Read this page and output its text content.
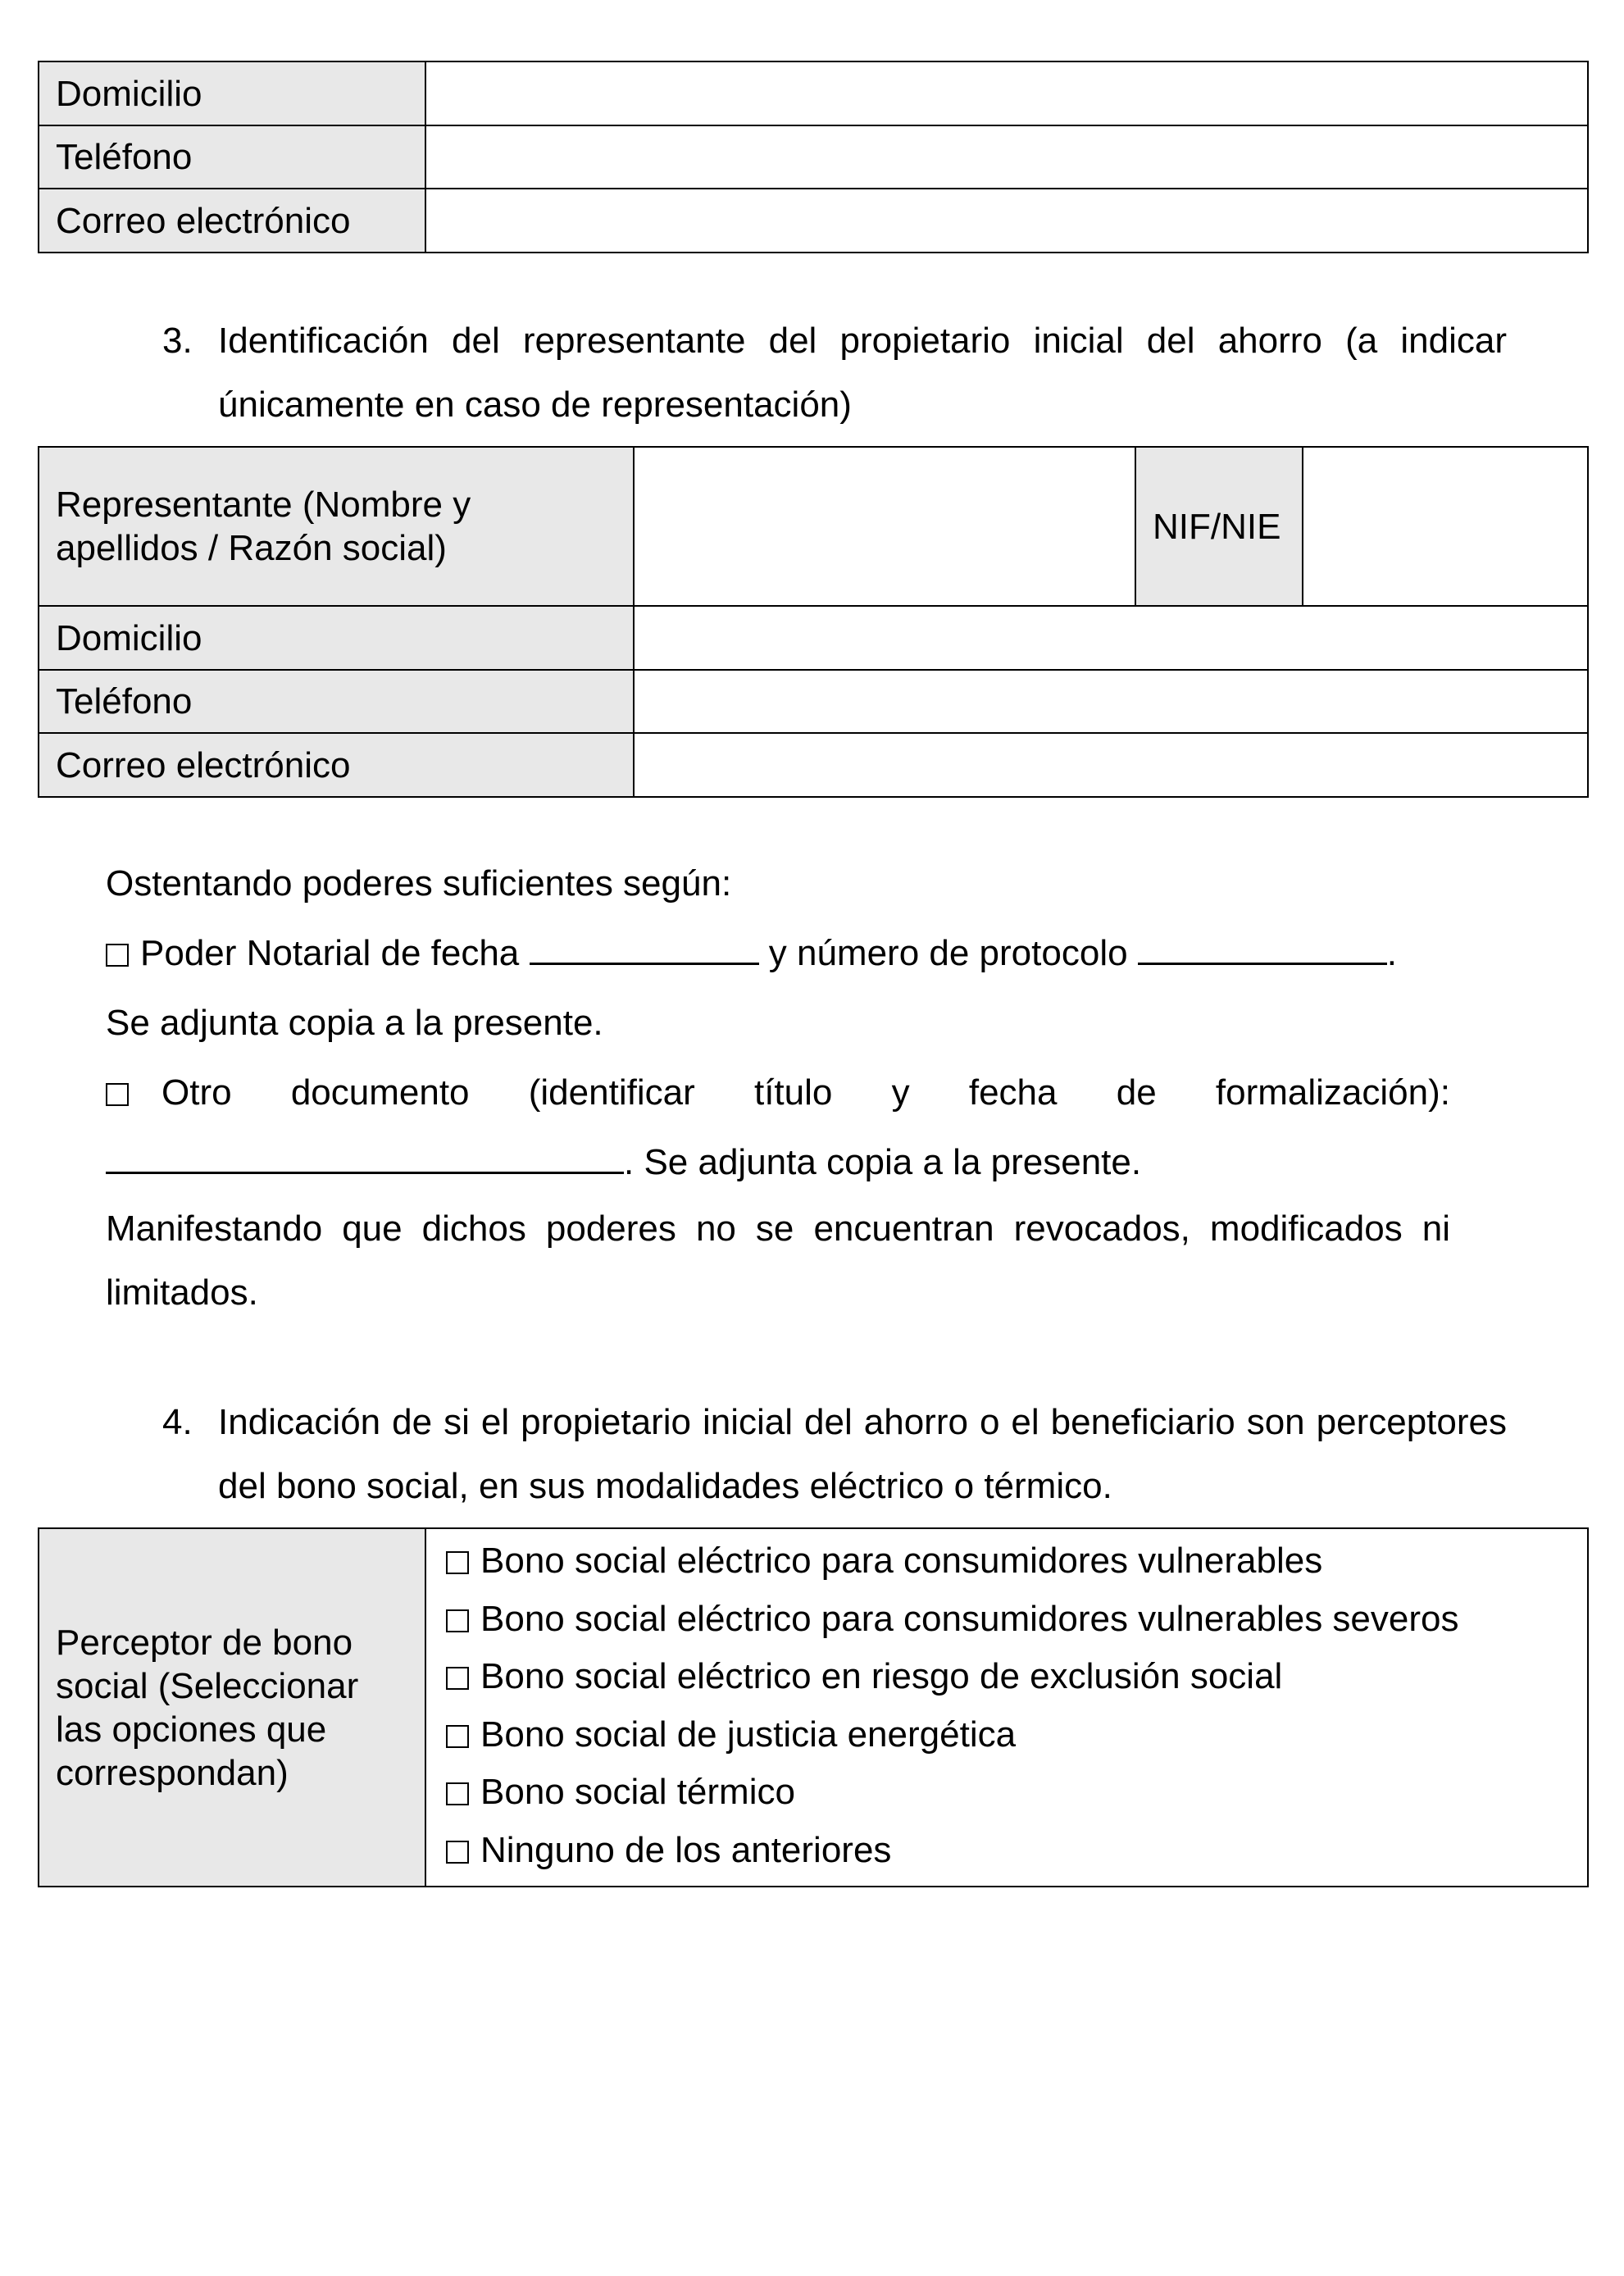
Domicilio	
Teléfono	
Correo electrónico	
3. Identificación del representante del propietario inicial del ahorro (a indicar únicamente en caso de representación)
Representante (Nombre y apellidos / Razón social)		NIF/NIE	
Domicilio			
Teléfono			
Correo electrónico			
Ostentando poderes suficientes según:
Poder Notarial de fecha	y número de protocolo	.
Se adjunta copia a la presente.
Otro documento (identificar título y fecha de formalización):
. Se adjunta copia a la presente.
Manifestando que dichos poderes no se encuentran revocados, modificados ni limitados.
4. Indicación de si el propietario inicial del ahorro o el beneficiario son perceptores del bono social, en sus modalidades eléctrico o térmico.
Perceptor de bono social (Seleccionar las opciones que correspondan)	
Bono social eléctrico para consumidores vulnerables
Bono social eléctrico para consumidores vulnerables severos
Bono social eléctrico en riesgo de exclusión social
Bono social de justicia energética
Bono social térmico
Ninguno de los anteriores
